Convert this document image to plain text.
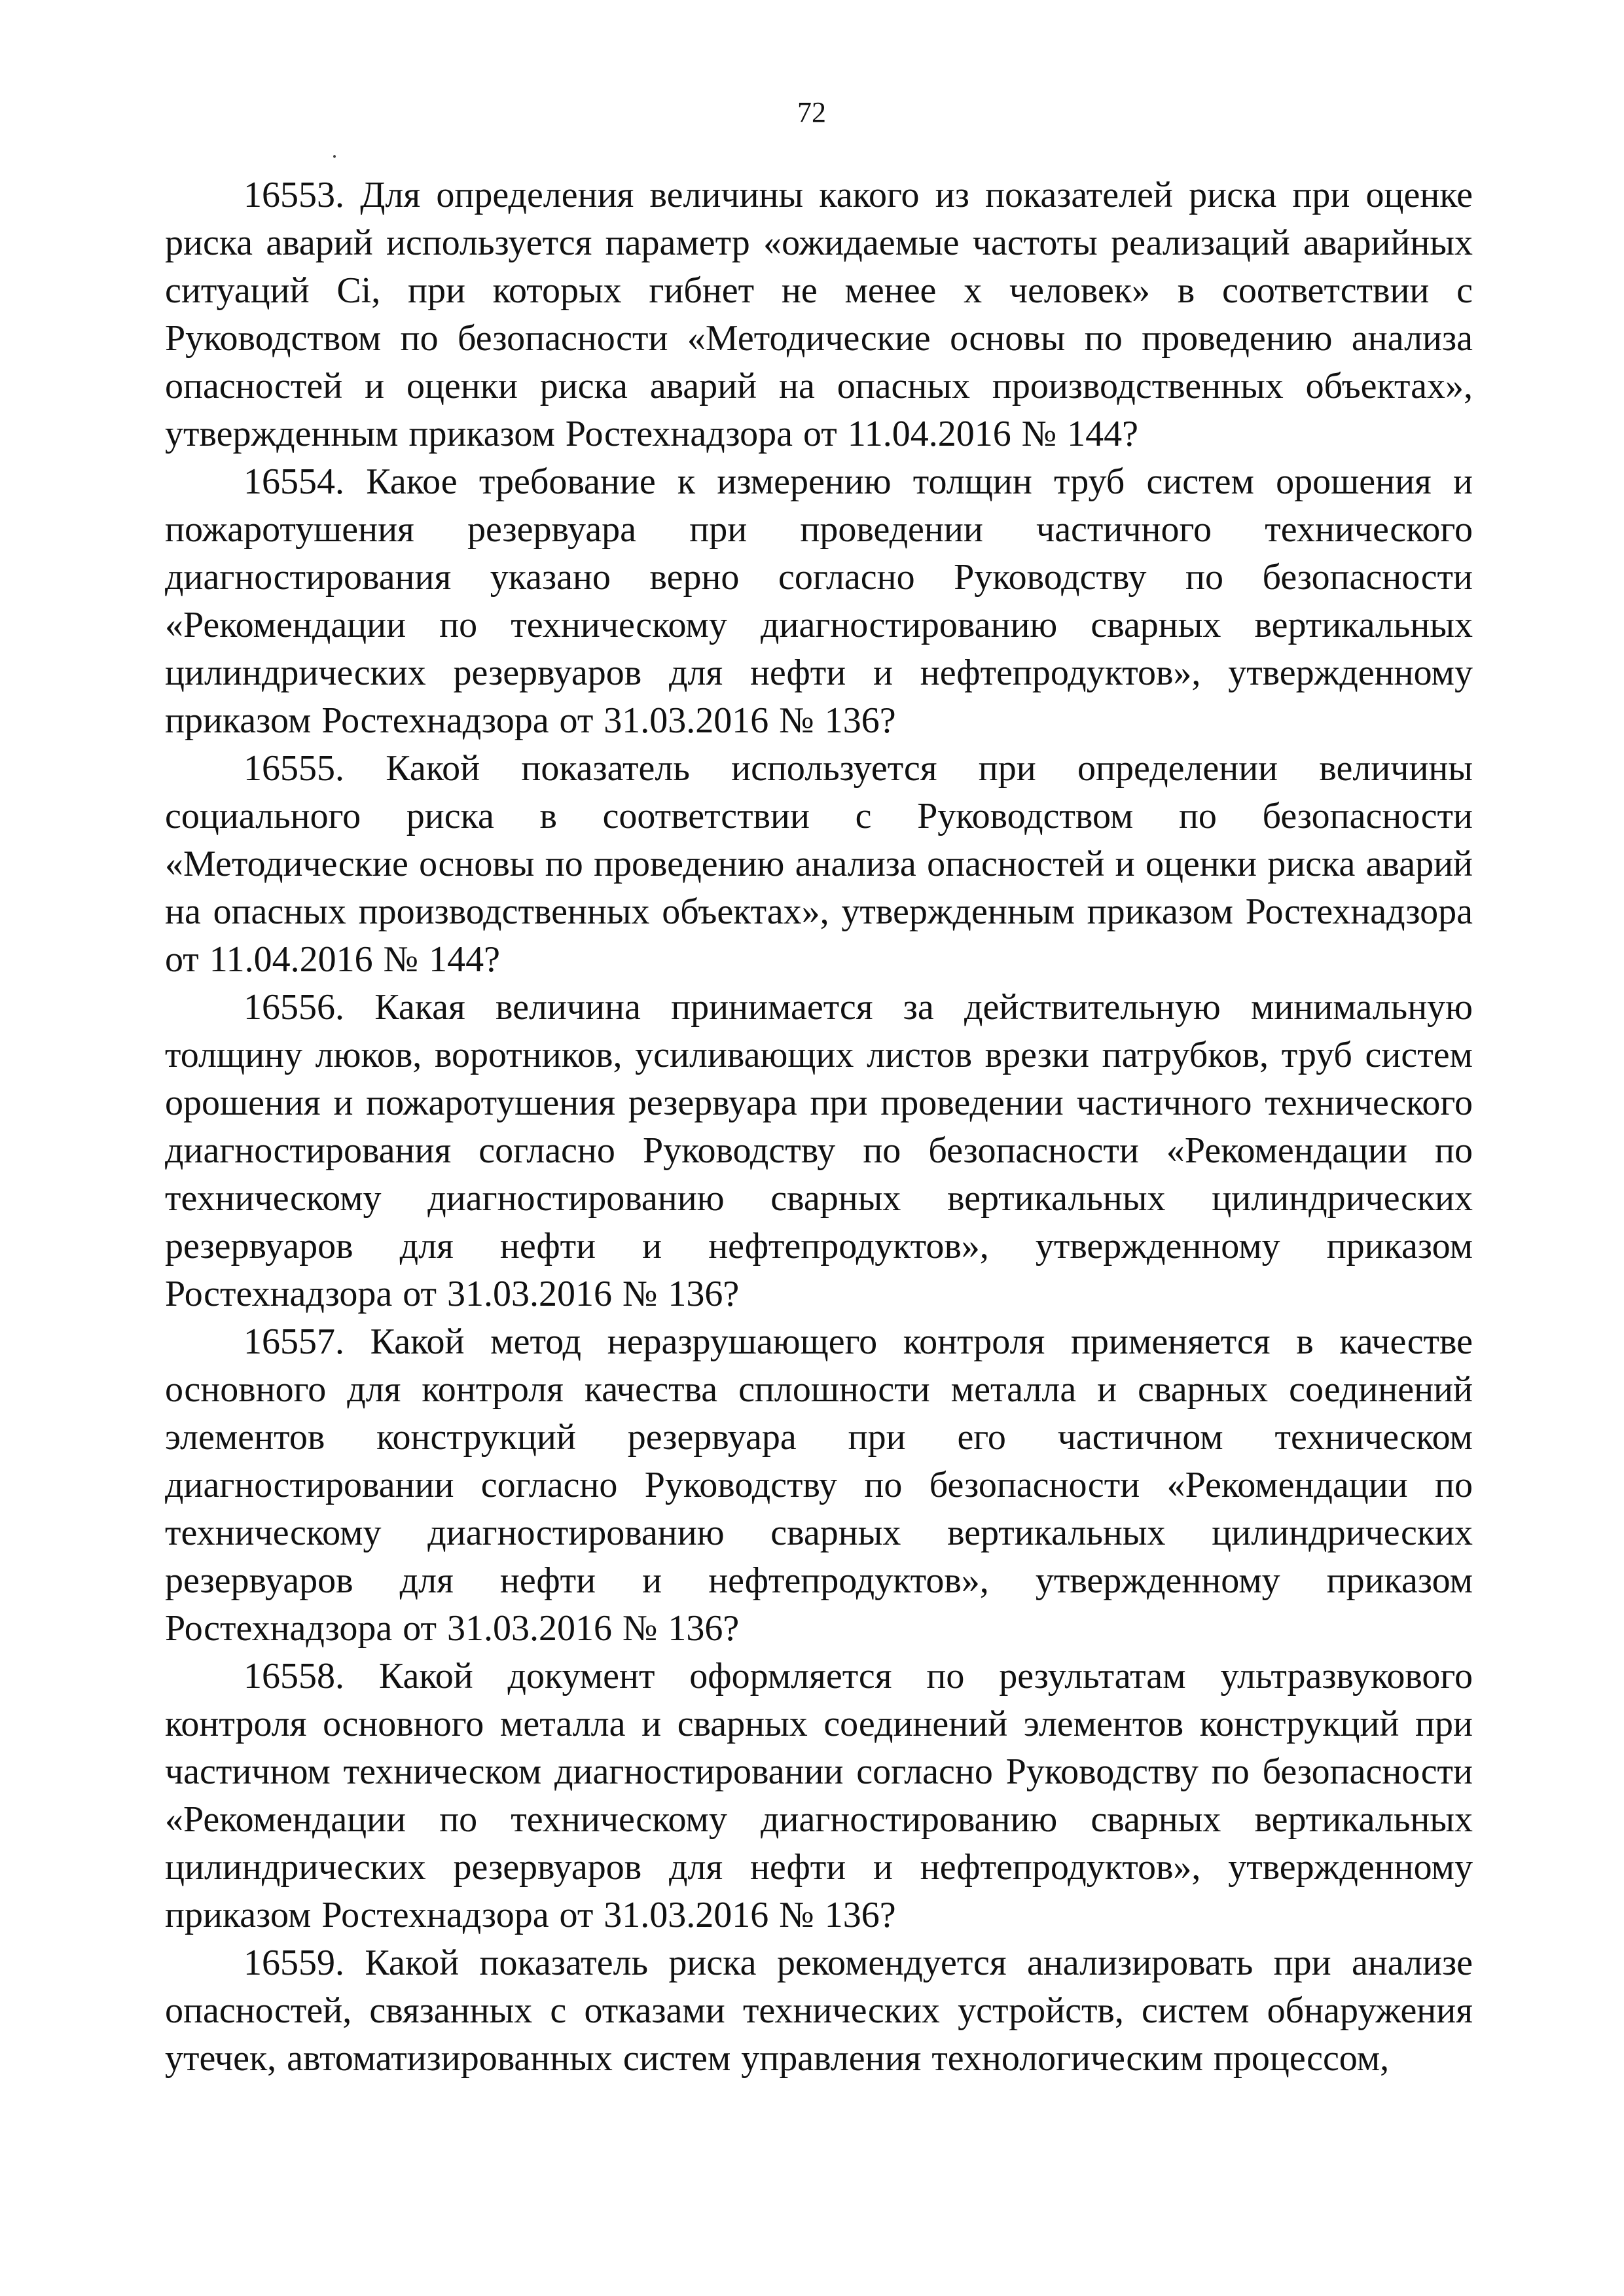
72

16553. Для определения величины какого из показателей риска при оценке риска аварий используется параметр «ожидаемые частоты реализаций аварийных ситуаций Ci, при которых гибнет не менее x человек» в соответствии с Руководством по безопасности «Методические основы по проведению анализа опасностей и оценки риска аварий на опасных производственных объектах», утвержденным приказом Ростехнадзора от 11.04.2016 № 144?

16554. Какое требование к измерению толщин труб систем орошения и пожаротушения резервуара при проведении частичного технического диагностирования указано верно согласно Руководству по безопасности «Рекомендации по техническому диагностированию сварных вертикальных цилиндрических резервуаров для нефти и нефтепродуктов», утвержденному приказом Ростехнадзора от 31.03.2016 № 136?

16555. Какой показатель используется при определении величины социального риска в соответствии с Руководством по безопасности «Методические основы по проведению анализа опасностей и оценки риска аварий на опасных производственных объектах», утвержденным приказом Ростехнадзора от 11.04.2016 № 144?

16556. Какая величина принимается за действительную минимальную толщину люков, воротников, усиливающих листов врезки патрубков, труб систем орошения и пожаротушения резервуара при проведении частичного технического диагностирования согласно Руководству по безопасности «Рекомендации по техническому диагностированию сварных вертикальных цилиндрических резервуаров для нефти и нефтепродуктов», утвержденному приказом Ростехнадзора от 31.03.2016 № 136?

16557. Какой метод неразрушающего контроля применяется в качестве основного для контроля качества сплошности металла и сварных соединений элементов конструкций резервуара при его частичном техническом диагностировании согласно Руководству по безопасности «Рекомендации по техническому диагностированию сварных вертикальных цилиндрических резервуаров для нефти и нефтепродуктов», утвержденному приказом Ростехнадзора от 31.03.2016 № 136?

16558. Какой документ оформляется по результатам ультразвукового контроля основного металла и сварных соединений элементов конструкций при частичном техническом диагностировании согласно Руководству по безопасности «Рекомендации по техническому диагностированию сварных вертикальных цилиндрических резервуаров для нефти и нефтепродуктов», утвержденному приказом Ростехнадзора от 31.03.2016 № 136?

16559. Какой показатель риска рекомендуется анализировать при анализе опасностей, связанных с отказами технических устройств, систем обнаружения утечек, автоматизированных систем управления технологическим процессом,
